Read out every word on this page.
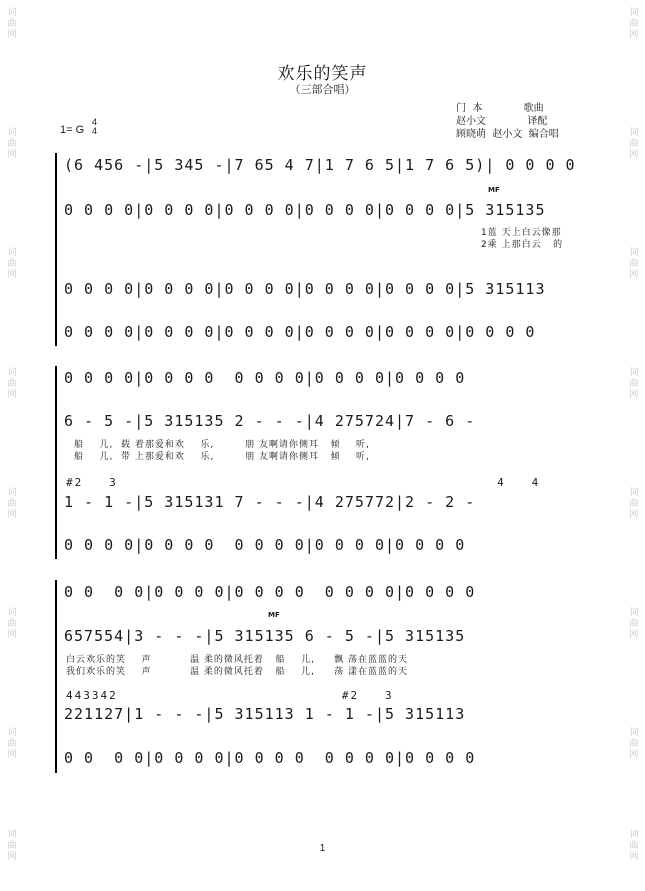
词曲网
词曲网
词曲网
词曲网
词曲网
词曲网
词曲网
词曲网
词曲网
词曲网
词曲网
词曲网
词曲网
词曲网
词曲网
词曲网
欢乐的笑声
（三部合唱）
门  本             歌曲
赵小文             译配
顾晓萌  赵小文  编合唱
1= G
4
4
(6 456 -|5 345 -|7 65 4 7|1 7 6 5|1 7 6 5)| 0 0 0 0
MF
0 0 0 0|0 0 0 0|0 0 0 0|0 0 0 0|0 0 0 0|5 315135
1蓝 天上白云像那
2乘 上那白云   的
0 0 0 0|0 0 0 0|0 0 0 0|0 0 0 0|0 0 0 0|5 315113
0 0 0 0|0 0 0 0|0 0 0 0|0 0 0 0|0 0 0 0|0 0 0 0
0 0 0 0|0 0 0 0  0 0 0 0|0 0 0 0|0 0 0 0
6 - 5 -|5 315135 2 - - -|4 275724|7 - 6 -
船    儿,  载 着那爱和欢    乐,        朋 友啊请你侧耳   倾    听,
船    儿,  带 上那爱和欢    乐,        朋 友啊请你侧耳   倾    听,
#2   3                                            4   4
1 - 1 -|5 315131 7 - - -|4 275772|2 - 2 -
0 0 0 0|0 0 0 0  0 0 0 0|0 0 0 0|0 0 0 0
0 0  0 0|0 0 0 0|0 0 0 0  0 0 0 0|0 0 0 0
MF
657554|3 - - -|5 315135 6 - 5 -|5 315135
白云欢乐的笑    声          温 柔的微风托着   船    儿,     飘 荡在蓝蓝的天
我们欢乐的笑    声          温 柔的微风托着   船    儿,     荡 漾在蓝蓝的天
443342                          #2   3
221127|1 - - -|5 315113 1 - 1 -|5 315113
0 0  0 0|0 0 0 0|0 0 0 0  0 0 0 0|0 0 0 0
1
